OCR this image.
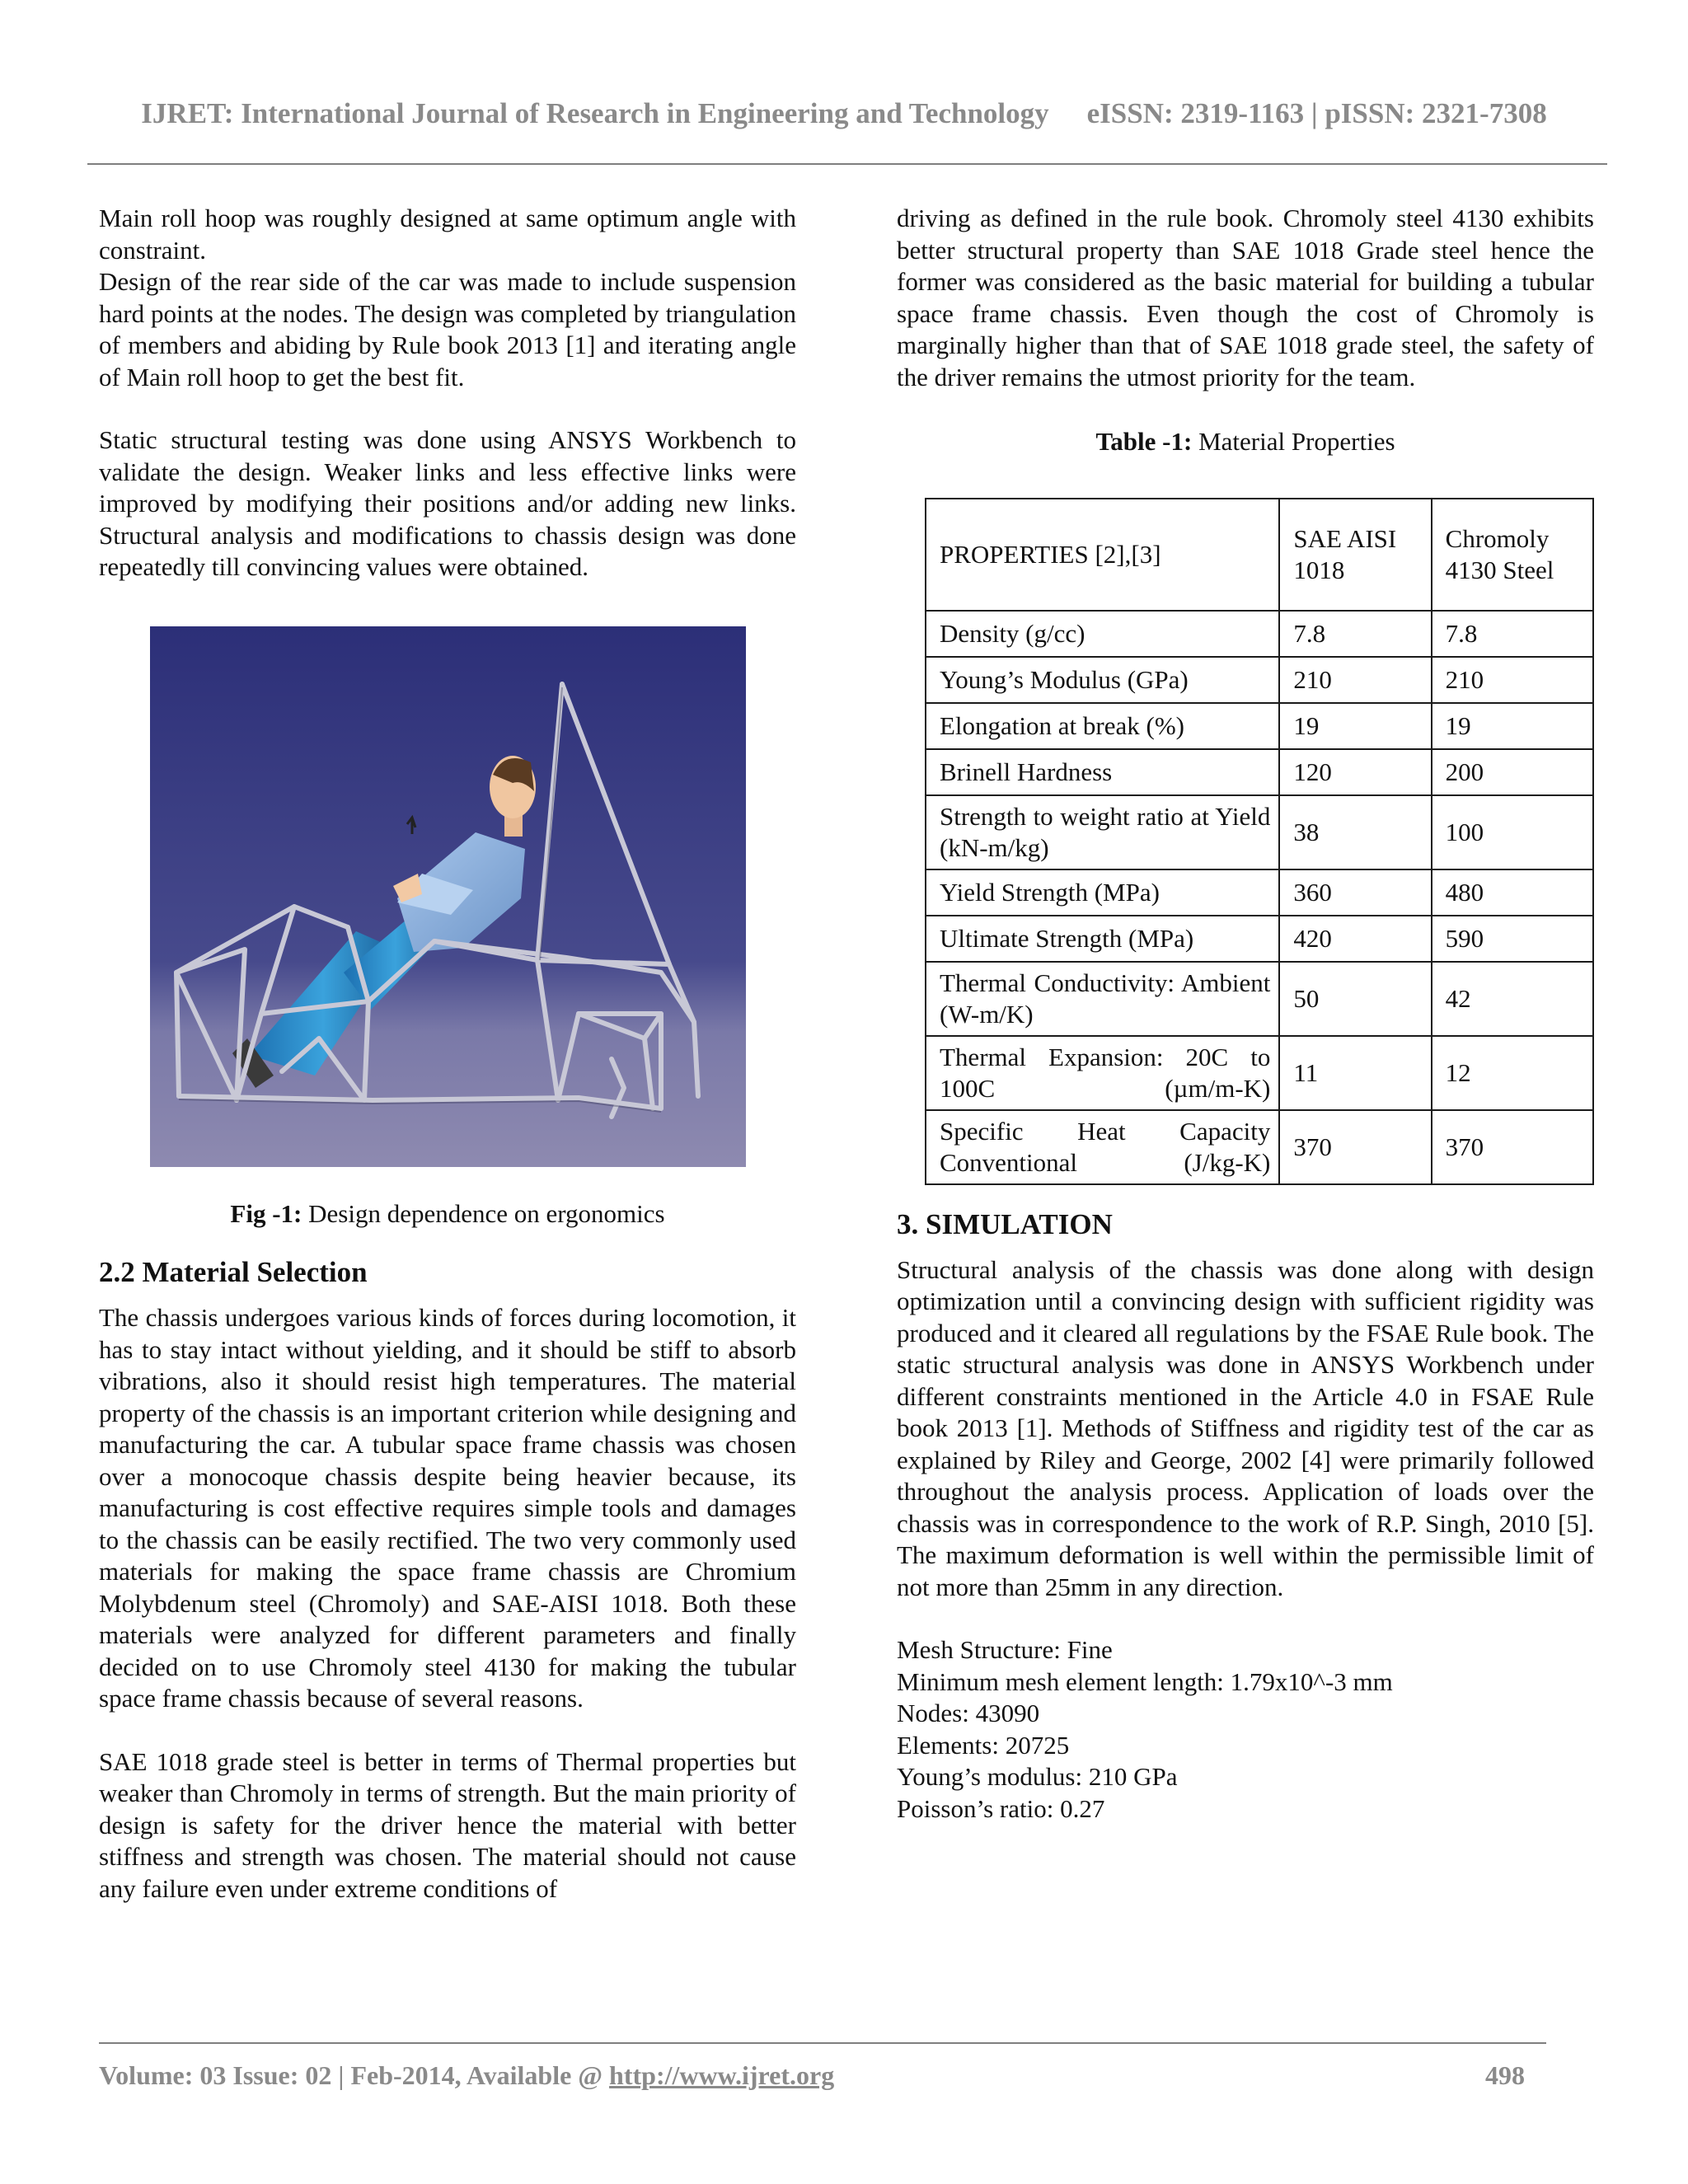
IJRET: International Journal of Research in Engineering and Technology eISSN: 2319-1163 | pISSN: 2321-7308

Main roll hoop was roughly designed at same optimum angle with constraint.

Design of the rear side of the car was made to include suspension hard points at the nodes. The design was completed by triangulation of members and abiding by Rule book 2013 [1] and iterating angle of Main roll hoop to get the best fit.

Static structural testing was done using ANSYS Workbench to validate the design. Weaker links and less effective links were improved by modifying their positions and/or adding new links. Structural analysis and modifications to chassis design was done repeatedly till convincing values were obtained.

Fig -1: Design dependence on ergonomics
2.2 Material Selection

The chassis undergoes various kinds of forces during locomotion, it has to stay intact without yielding, and it should be stiff to absorb vibrations, also it should resist high temperatures. The material property of the chassis is an important criterion while designing and manufacturing the car. A tubular space frame chassis was chosen over a monocoque chassis despite being heavier because, its manufacturing is cost effective requires simple tools and damages to the chassis can be easily rectified. The two very commonly used materials for making the space frame chassis are Chromium Molybdenum steel (Chromoly) and SAE-AISI 1018. Both these materials were analyzed for different parameters and finally decided on to use Chromoly steel 4130 for making the tubular space frame chassis because of several reasons.

SAE 1018 grade steel is better in terms of Thermal properties but weaker than Chromoly in terms of strength. But the main priority of design is safety for the driver hence the material with better stiffness and strength was chosen. The material should not cause any failure even under extreme conditions of

driving as defined in the rule book. Chromoly steel 4130 exhibits better structural property than SAE 1018 Grade steel hence the former was considered as the basic material for building a tubular space frame chassis. Even though the cost of Chromoly is marginally higher than that of SAE 1018 grade steel, the safety of the driver remains the utmost priority for the team.

Table -1: Material Properties
PROPERTIES [2],[3]	SAE AISI 1018	Chromoly 4130 Steel
Density (g/cc)	7.8	7.8
Young’s Modulus (GPa)	210	210
Elongation at break (%)	19	19
Brinell Hardness	120	200
Strength to weight ratio at Yield (kN-m/kg)	38	100
Yield Strength (MPa)	360	480
Ultimate Strength (MPa)	420	590
Thermal Conductivity: Ambient (W-m/K)	50	42
Thermal Expansion: 20C to 100C (µm/m-K)	11	12
Specific Heat Capacity Conventional (J/kg-K)	370	370
3. SIMULATION

Structural analysis of the chassis was done along with design optimization until a convincing design with sufficient rigidity was produced and it cleared all regulations by the FSAE Rule book. The static structural analysis was done in ANSYS Workbench under different constraints mentioned in the Article 4.0 in FSAE Rule book 2013 [1]. Methods of Stiffness and rigidity test of the car as explained by Riley and George, 2002 [4] were primarily followed throughout the analysis process. Application of loads over the chassis was in correspondence to the work of R.P. Singh, 2010 [5]. The maximum deformation is well within the permissible limit of not more than 25mm in any direction.

Mesh Structure: Fine
Minimum mesh element length: 1.79x10^-3 mm
Nodes: 43090
Elements: 20725
Young’s modulus: 210 GPa
Poisson’s ratio: 0.27
Volume: 03 Issue: 02 | Feb-2014, Available @ http://www.ijret.org	498
